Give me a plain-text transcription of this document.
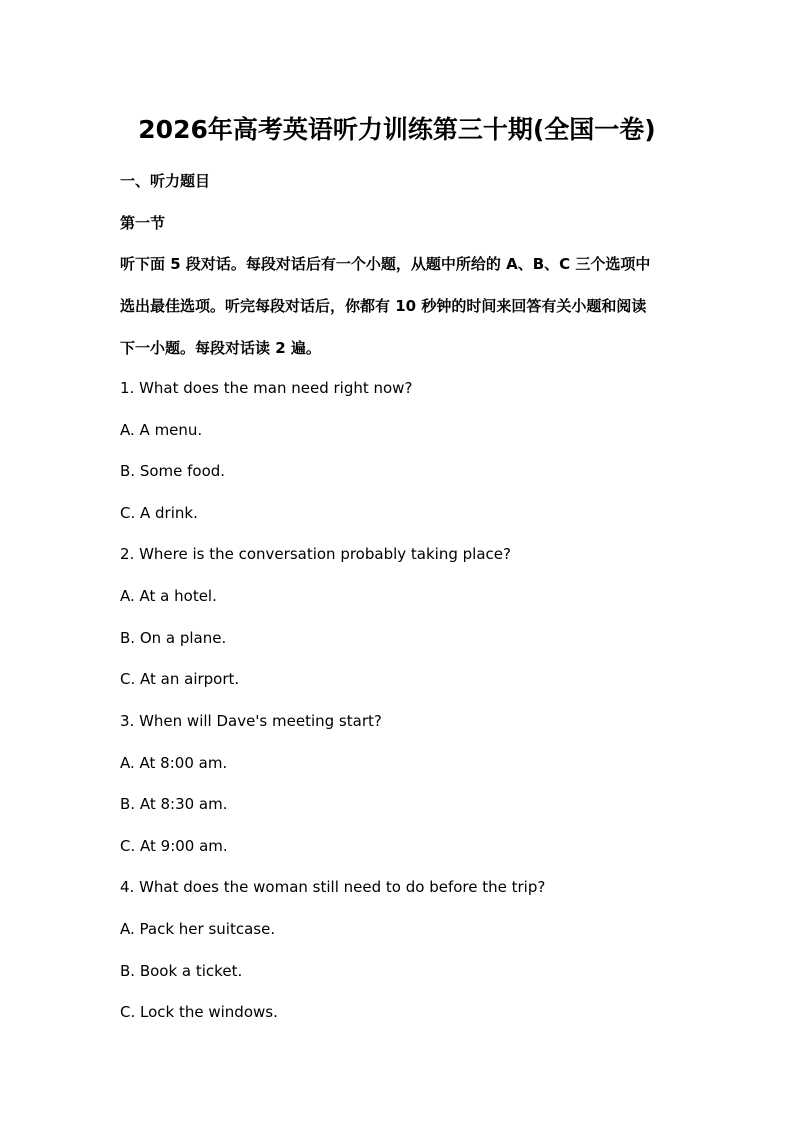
2026年高考英语听力训练第三十期(全国一卷)
一、听力题目
第一节
听下面 5 段对话。每段对话后有一个小题，从题中所给的 A、B、C 三个选项中
选出最佳选项。听完每段对话后，你都有 10 秒钟的时间来回答有关小题和阅读
下一小题。每段对话读 2 遍。
1. What does the man need right now?
A. A menu.
B. Some food.
C. A drink.
2. Where is the conversation probably taking place?
A. At a hotel.
B. On a plane.
C. At an airport.
3. When will Dave's meeting start?
A. At 8:00 am.
B. At 8:30 am.
C. At 9:00 am.
4. What does the woman still need to do before the trip?
A. Pack her suitcase.
B. Book a ticket.
C. Lock the windows.
